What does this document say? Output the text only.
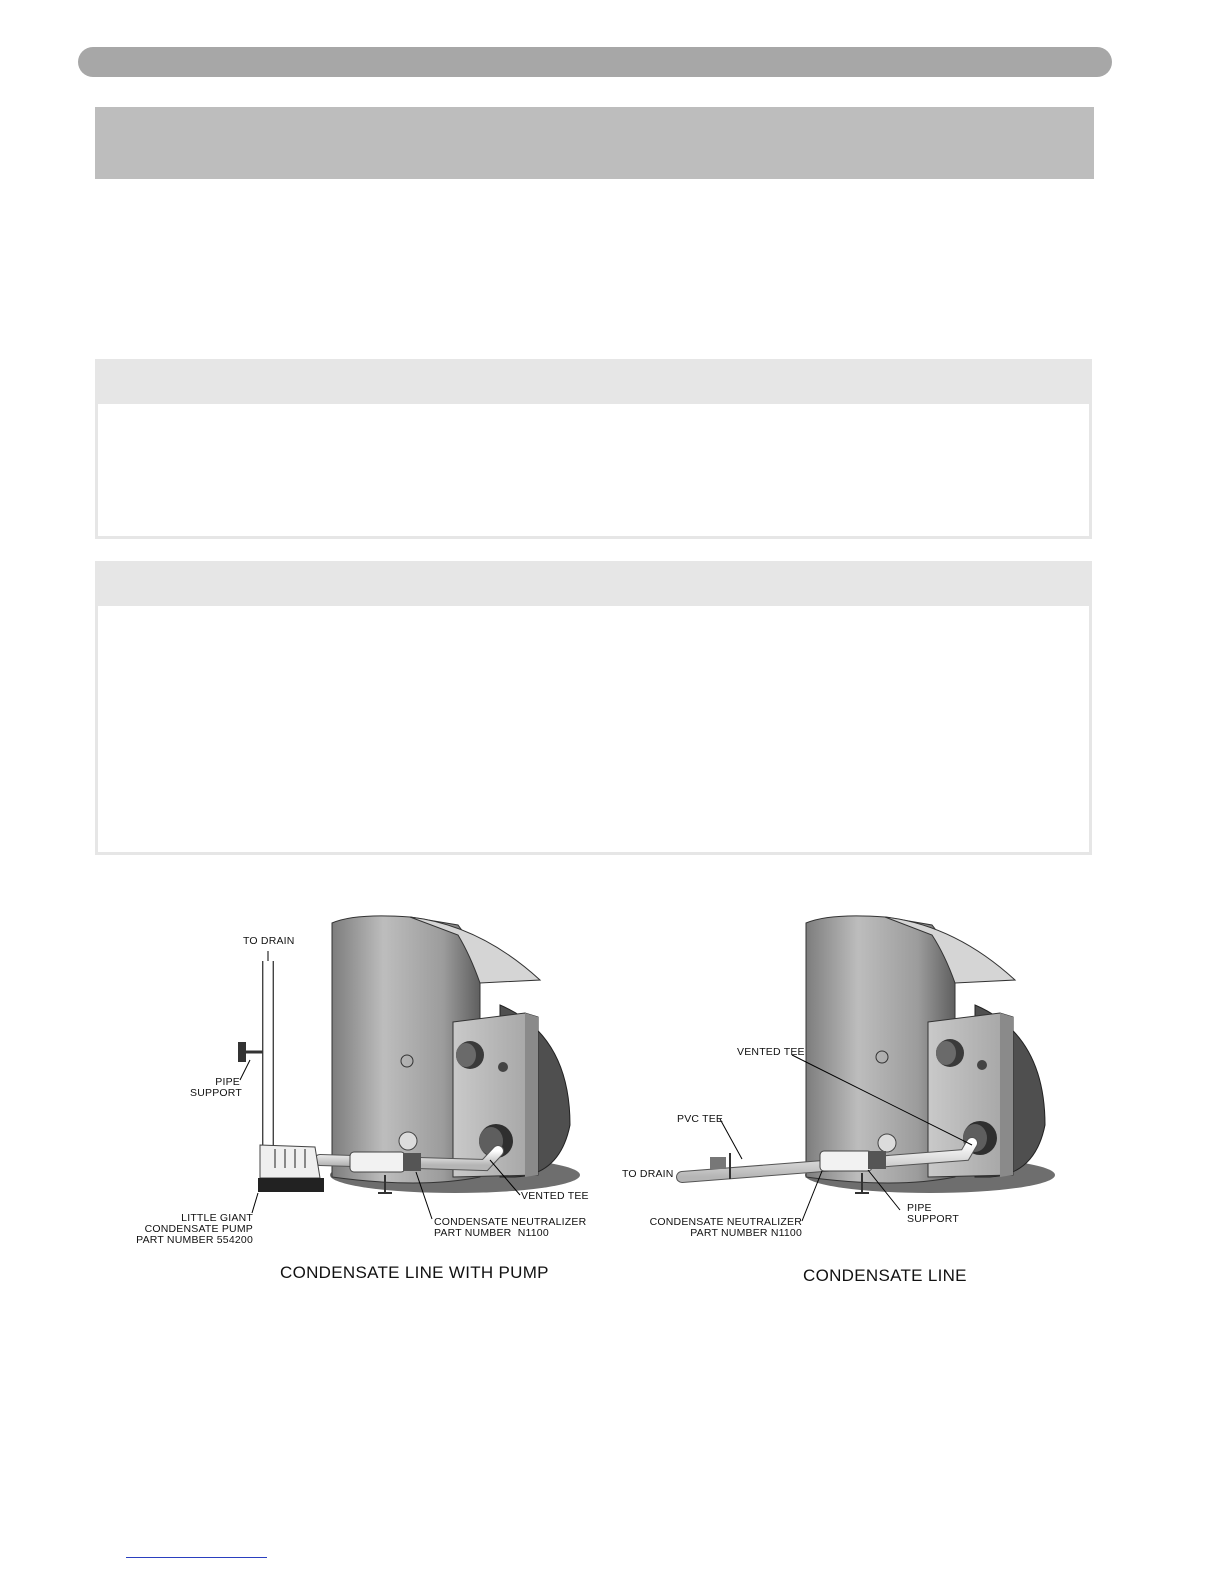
TO DRAIN
PIPE
SUPPORT
LITTLE GIANT
CONDENSATE PUMP
PART NUMBER 554200
CONDENSATE NEUTRALIZER
PART NUMBER  N1100
VENTED TEE
CONDENSATE LINE WITH PUMP
VENTED TEE
PVC TEE
TO DRAIN
CONDENSATE NEUTRALIZER
PART NUMBER N1100
PIPE
SUPPORT
CONDENSATE LINE
